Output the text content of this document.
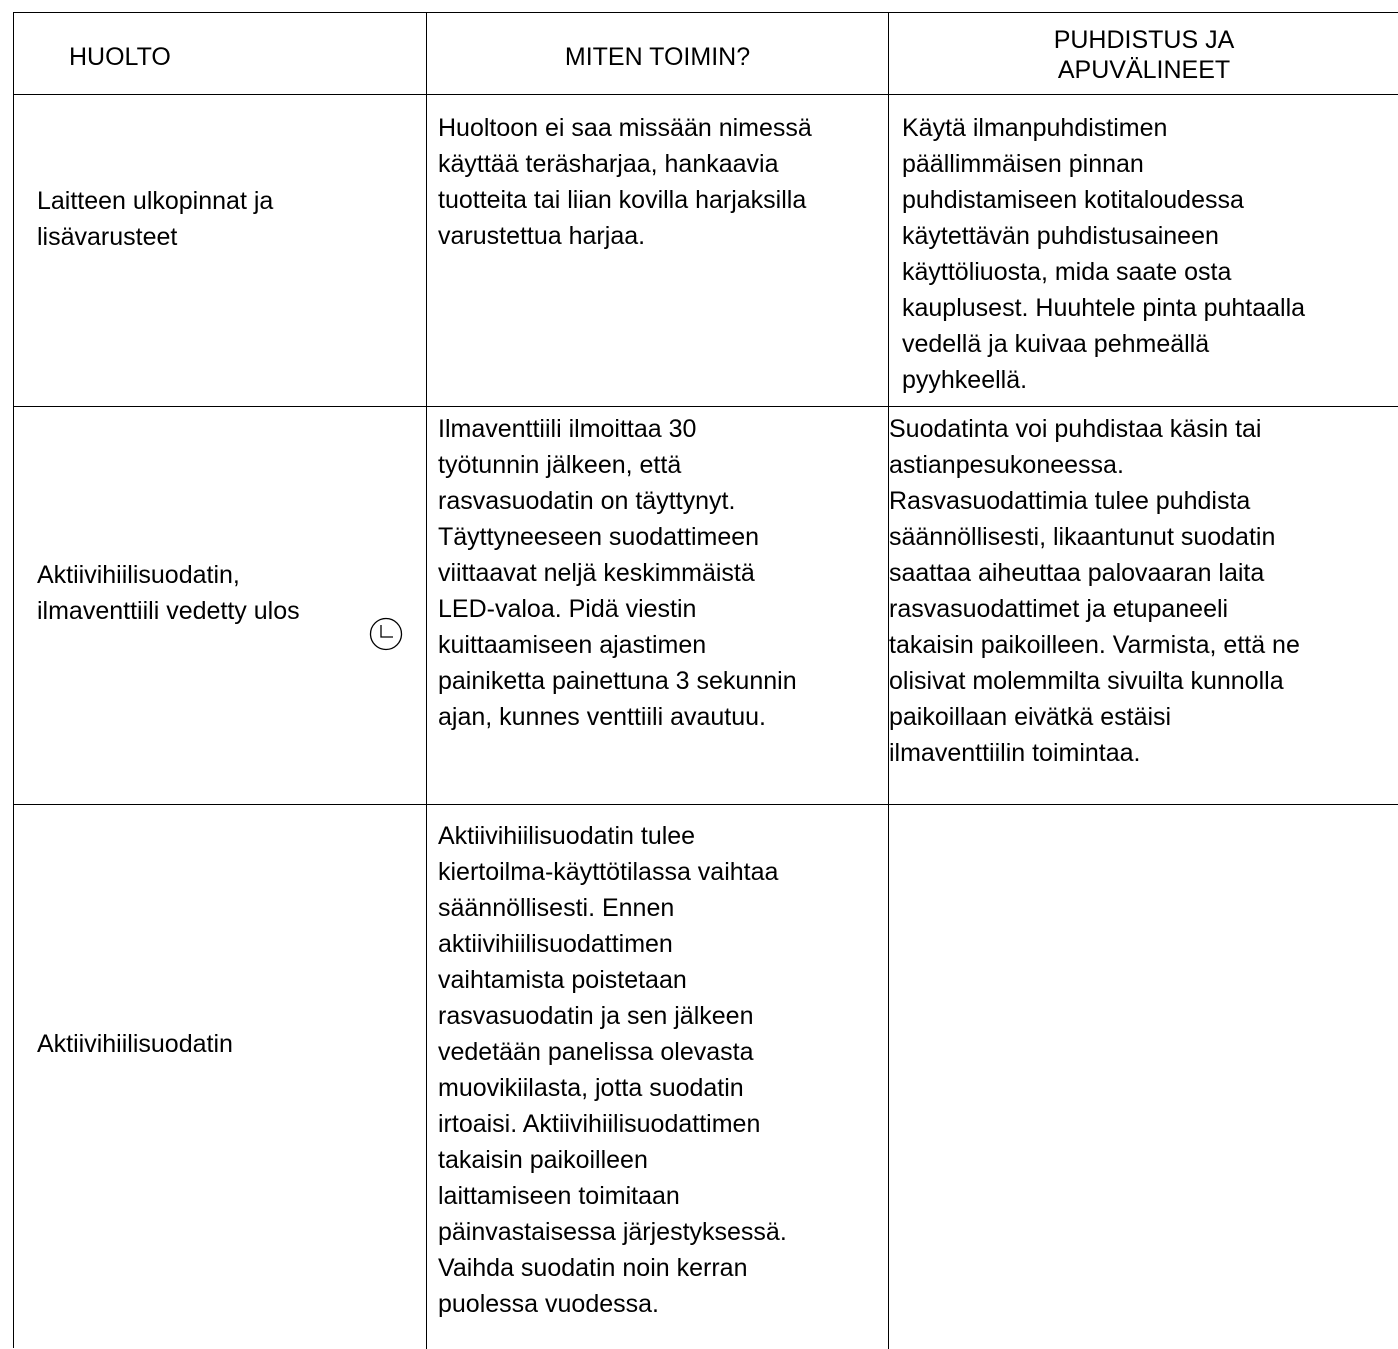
HUOLTO	MITEN TOIMIN?
PUHDISTUS JA
APUVÄLINEET
Laitteen ulkopinnat ja
lisävarusteet
Huoltoon ei saa missään nimessä
käyttää teräsharjaa, hankaavia
tuotteita tai liian kovilla harjaksilla
varustettua harjaa.
Käytä ilmanpuhdistimen
päällimmäisen pinnan
puhdistamiseen kotitaloudessa
käytettävän puhdistusaineen
käyttöliuosta, mida saate osta
kauplusest. Huuhtele pinta puhtaalla
vedellä ja kuivaa pehmeällä
pyyhkeellä.
Aktiivihiilisuodatin,
ilmaventtiili vedetty ulos
Ilmaventtiili ilmoittaa 30
työtunnin jälkeen, että
rasvasuodatin on täyttynyt.
Täyttyneeseen suodattimeen
viittaavat neljä keskimmäistä
LED-valoa. Pidä viestin
kuittaamiseen ajastimen
painiketta painettuna 3 sekunnin
ajan, kunnes venttiili avautuu.
Suodatinta voi puhdistaa käsin tai
astianpesukoneessa.
Rasvasuodattimia tulee puhdista
säännöllisesti, likaantunut suodatin
saattaa aiheuttaa palovaaran laita
rasvasuodattimet ja etupaneeli
takaisin paikoilleen. Varmista, että ne
olisivat molemmilta sivuilta kunnolla
paikoillaan eivätkä estäisi
ilmaventtiilin toimintaa.
Aktiivihiilisuodatin
Aktiivihiilisuodatin tulee
kiertoilma-käyttötilassa vaihtaa
säännöllisesti. Ennen
aktiivihiilisuodattimen
vaihtamista poistetaan
rasvasuodatin ja sen jälkeen
vedetään panelissa olevasta
muovikiilasta, jotta suodatin
irtoaisi. Aktiivihiilisuodattimen
takaisin paikoilleen
laittamiseen toimitaan
päinvastaisessa järjestyksessä.
Vaihda suodatin noin kerran
puolessa vuodessa.
